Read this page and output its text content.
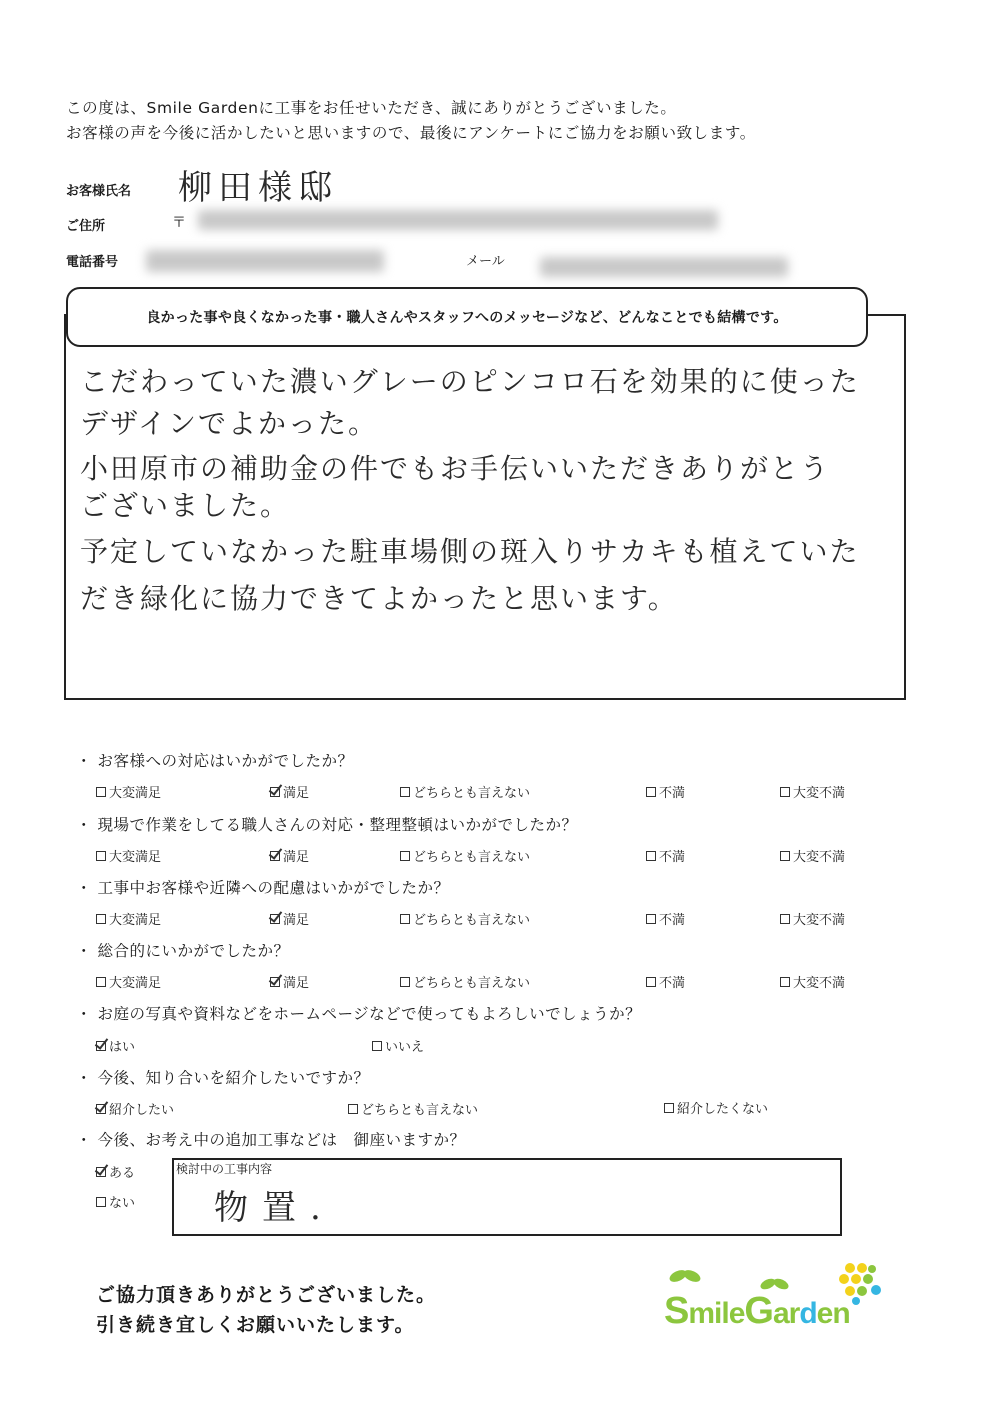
この度は、Smile Gardenに工事をお任せいただき、誠にありがとうございました。
お客様の声を今後に活かしたいと思いますので、最後にアンケートにご協力をお願い致します。
お客様氏名 柳田様邸
ご住所	〒
電話番号	メール
良かった事や良くなかった事・職人さんやスタッフへのメッセージなど、どんなことでも結構です。
こだわっていた濃いグレーのピンコロ石を効果的に使った
デザインでよかった。
小田原市の補助金の件でもお手伝いいただきありがとう
ございました。
予定していなかった駐車場側の斑入りサカキも植えていた
だき緑化に協力できてよかったと思います。
・ お客様への対応はいかがでしたか？
大変満足	満足	どちらとも言えない	不満	大変不満
・ 現場で作業をしてる職人さんの対応・整理整頓はいかがでしたか？
大変満足	満足	どちらとも言えない	不満	大変不満
・ 工事中お客様や近隣への配慮はいかがでしたか？
大変満足	満足	どちらとも言えない	不満	大変不満
・ 総合的にいかがでしたか？
大変満足	満足	どちらとも言えない	不満	大変不満
・ お庭の写真や資料などをホームページなどで使ってもよろしいでしょうか？
はい	いいえ
・ 今後、知り合いを紹介したいですか？
紹介したい	どちらとも言えない	紹介したくない
・ 今後、お考え中の追加工事などは　御座いますか？
ある
ない
検討中の工事内容
物置.
ご協力頂きありがとうございました。
引き続き宜しくお願いいたします。	SmileGarden
